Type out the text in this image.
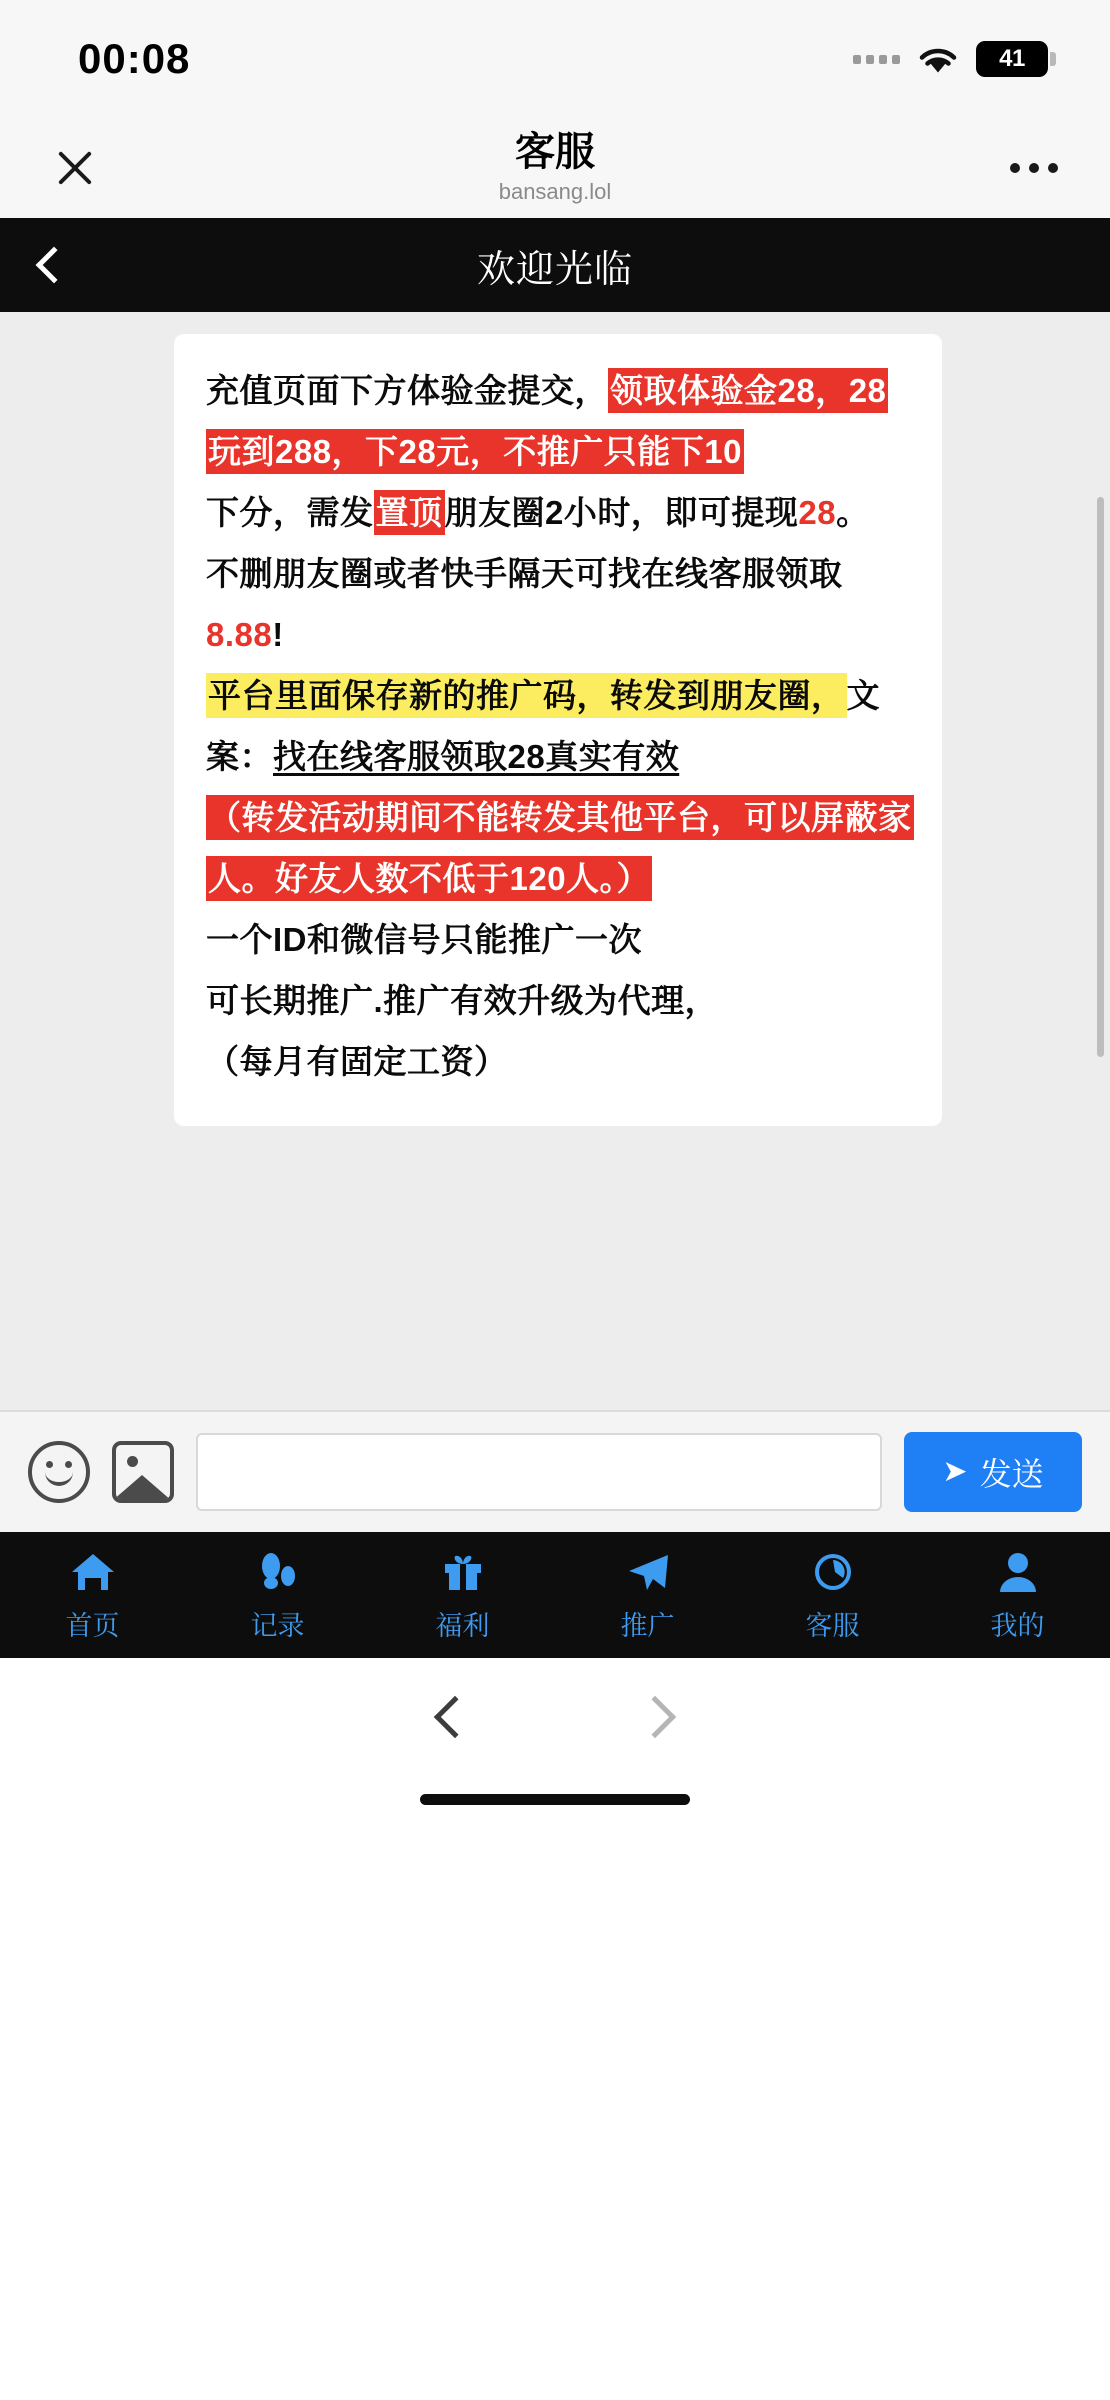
00:08	41
客服
bansang.lol
欢迎光临

充值页面下方体验金提交，领取体验金28，28玩到288，下28元，不推广只能下10

下分，需发置顶朋友圈2小时，即可提现28。

不删朋友圈或者快手隔天可找在线客服领取8.88!

平台里面保存新的推广码，转发到朋友圈，文案：找在线客服领取28真实有效

（转发活动期间不能转发其他平台，可以屏蔽家人。好友人数不低于120人。）

一个ID和微信号只能推广一次

可长期推广.推广有效升级为代理，

（每月有固定工资）

➤ 发送
首页	记录	福利	推广	客服	我的
